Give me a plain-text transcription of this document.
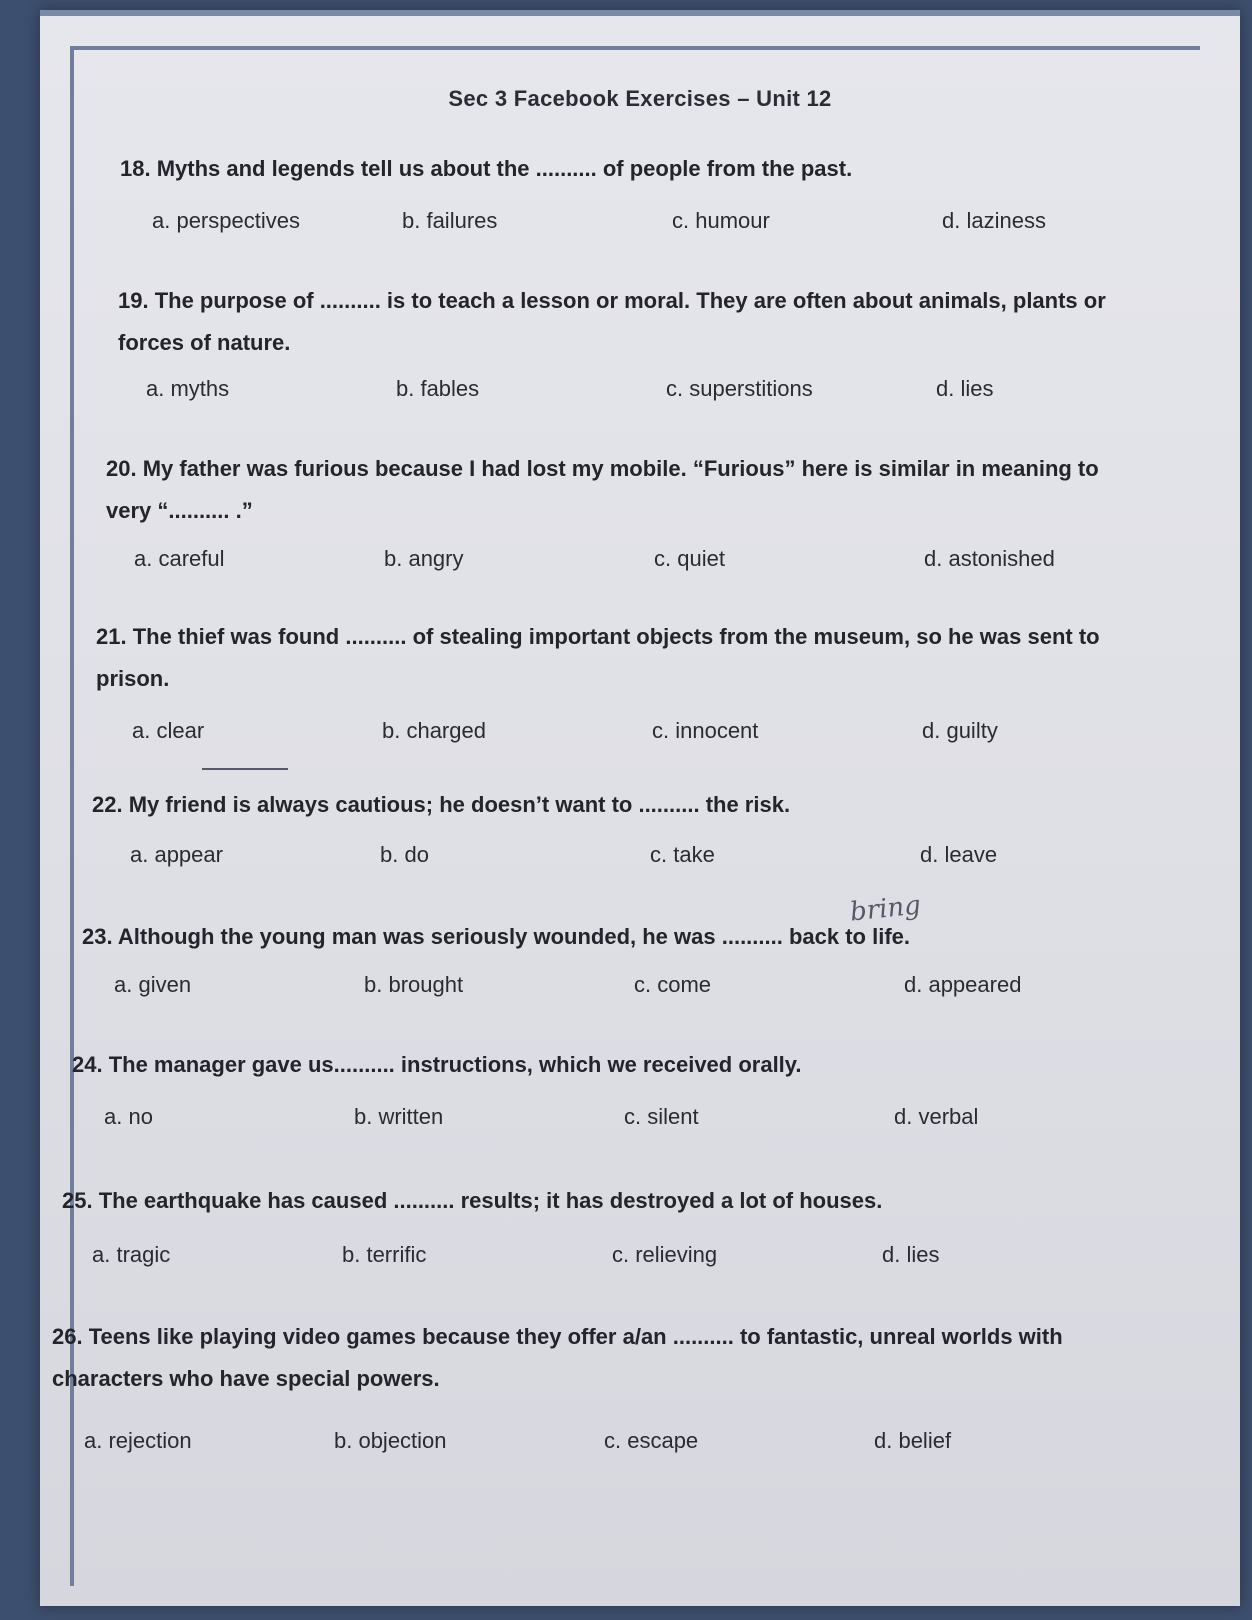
Sec 3 Facebook Exercises – Unit 12
18. Myths and legends tell us about the .......... of people from the past.
a. perspectives	b. failures	c. humour	d. laziness
19. The purpose of .......... is to teach a lesson or moral. They are often about animals, plants or
forces of nature.
a. myths	b. fables	c. superstitions	d. lies
20. My father was furious because I had lost my mobile. “Furious” here is similar in meaning to
very “.......... .”
a. careful	b. angry	c. quiet	d. astonished
21. The thief was found .......... of stealing important objects from the museum, so he was sent to
prison.
a. clear	b. charged	c. innocent	d. guilty
22. My friend is always cautious; he doesn’t want to .......... the risk.
a. appear	b. do	c. take	d. leave
bring
23. Although the young man was seriously wounded, he was .......... back to life.
a. given	b. brought	c. come	d. appeared
24. The manager gave us.......... instructions, which we received orally.
a. no	b. written	c. silent	d. verbal
25. The earthquake has caused .......... results; it has destroyed a lot of houses.
a. tragic	b. terrific	c. relieving	d. lies
26. Teens like playing video games because they offer a/an .......... to fantastic, unreal worlds with
characters who have special powers.
a. rejection	b. objection	c. escape	d. belief
